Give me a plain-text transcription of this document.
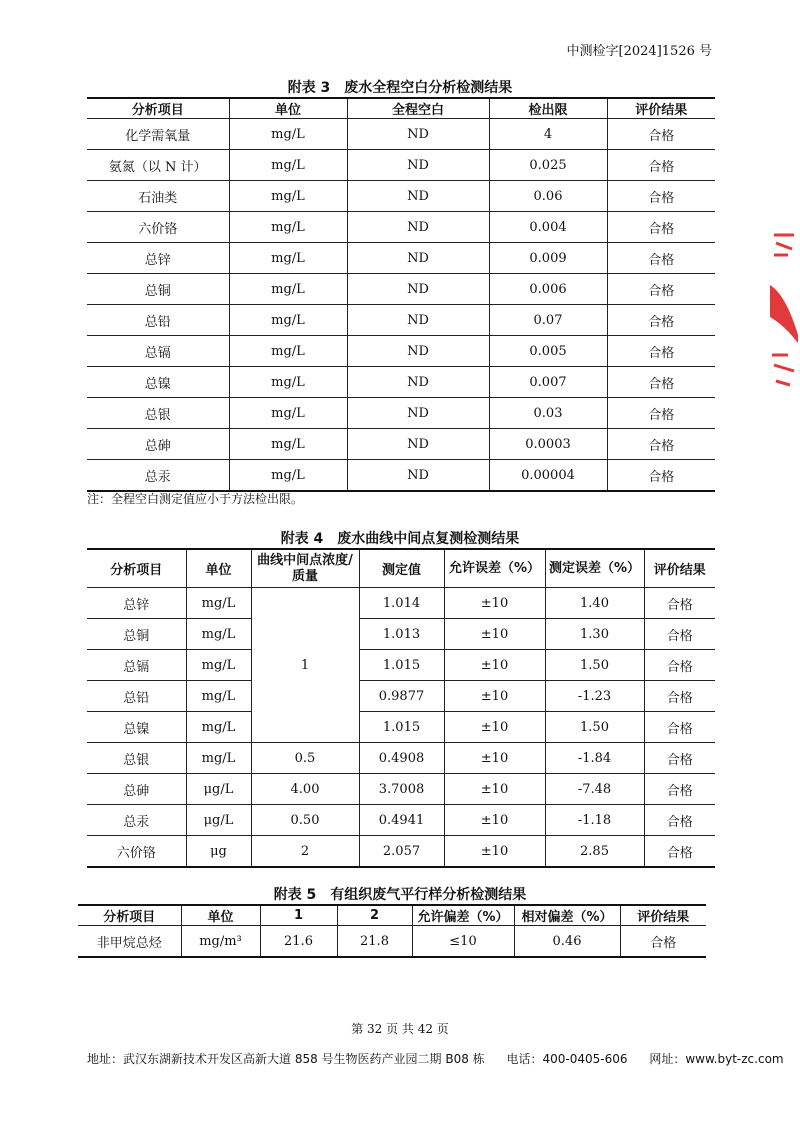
中测检字[2024]1526 号
附表 3　废水全程空白分析检测结果
分析项目	单位	全程空白	检出限	评价结果
化学需氧量	mg/L	ND	4	合格
氨氮（以 N 计）	mg/L	ND	0.025	合格
石油类	mg/L	ND	0.06	合格
六价铬	mg/L	ND	0.004	合格
总锌	mg/L	ND	0.009	合格
总铜	mg/L	ND	0.006	合格
总铅	mg/L	ND	0.07	合格
总镉	mg/L	ND	0.005	合格
总镍	mg/L	ND	0.007	合格
总银	mg/L	ND	0.03	合格
总砷	mg/L	ND	0.0003	合格
总汞	mg/L	ND	0.00004	合格
注：全程空白测定值应小于方法检出限。
附表 4　废水曲线中间点复测检测结果
分析项目	单位	曲线中间点浓度/质量	测定值	允许误差（%）	测定误差（%）	评价结果
总锌	mg/L	1	1.014	±10	1.40	合格
总铜	mg/L		1.013	±10	1.30	合格
总镉	mg/L		1.015	±10	1.50	合格
总铅	mg/L		0.9877	±10	-1.23	合格
总镍	mg/L		1.015	±10	1.50	合格
总银	mg/L	0.5	0.4908	±10	-1.84	合格
总砷	μg/L	4.00	3.7008	±10	-7.48	合格
总汞	μg/L	0.50	0.4941	±10	-1.18	合格
六价铬	μg	2	2.057	±10	2.85	合格
附表 5　有组织废气平行样分析检测结果
分析项目	单位	1	2	允许偏差（%）	相对偏差（%）	评价结果
非甲烷总烃	mg/m³	21.6	21.8	≤10	0.46	合格
第 32 页 共 42 页
地址：武汉东湖新技术开发区高新大道 858 号生物医药产业园二期 B08 栋 电话：400-0405-606 网址：www.byt-zc.com
